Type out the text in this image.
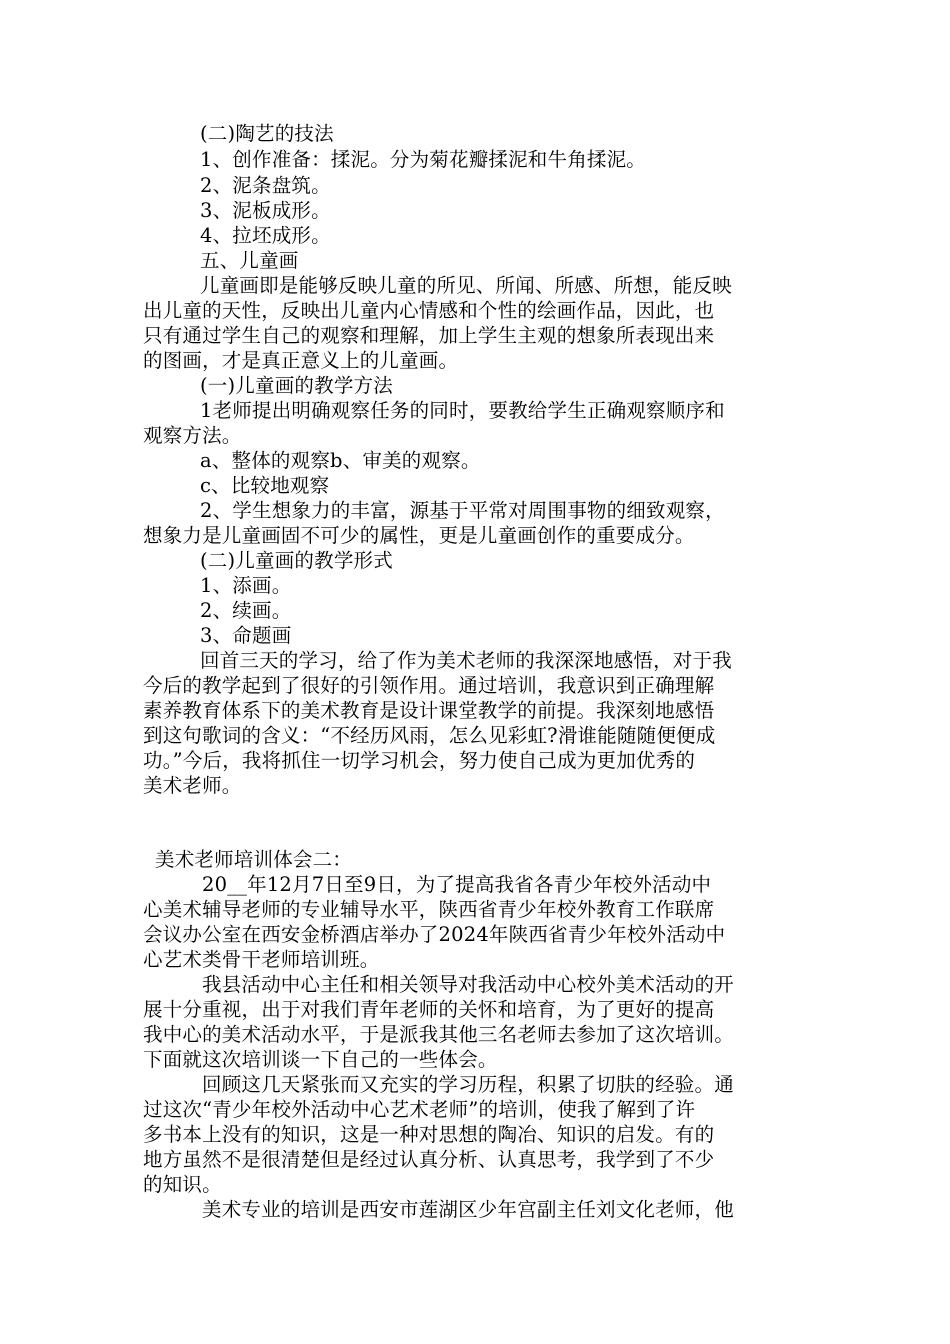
(二)陶艺的技法
1、创作准备：揉泥。分为菊花瓣揉泥和牛角揉泥。
2、泥条盘筑。
3、泥板成形。
4、拉坯成形。
五、儿童画
儿童画即是能够反映儿童的所见、所闻、所感、所想，能反映
出儿童的天性，反映出儿童内心情感和个性的绘画作品，因此，也
只有通过学生自己的观察和理解，加上学生主观的想象所表现出来
的图画，才是真正意义上的儿童画。
(一)儿童画的教学方法
1老师提出明确观察任务的同时，要教给学生正确观察顺序和
观察方法。
a、整体的观察b、审美的观察。
c、比较地观察
2、学生想象力的丰富，源基于平常对周围事物的细致观察，
想象力是儿童画固不可少的属性，更是儿童画创作的重要成分。
(二)儿童画的教学形式
1、添画。
2、续画。
3、命题画
回首三天的学习，给了作为美术老师的我深深地感悟，对于我
今后的教学起到了很好的引领作用。通过培训，我意识到正确理解
素养教育体系下的美术教育是设计课堂教学的前提。我深刻地感悟
到这句歌词的含义：“不经历风雨，怎么见彩虹?滑谁能随随便便成
功。”今后，我将抓住一切学习机会，努力使自己成为更加优秀的
美术老师。
美术老师培训体会二：
20__年12月7日至9日，为了提高我省各青少年校外活动中
心美术辅导老师的专业辅导水平，陕西省青少年校外教育工作联席
会议办公室在西安金桥酒店举办了2024年陕西省青少年校外活动中
心艺术类骨干老师培训班。
我县活动中心主任和相关领导对我活动中心校外美术活动的开
展十分重视，出于对我们青年老师的关怀和培育，为了更好的提高
我中心的美术活动水平，于是派我其他三名老师去参加了这次培训。
下面就这次培训谈一下自己的一些体会。
回顾这几天紧张而又充实的学习历程，积累了切肤的经验。通
过这次“青少年校外活动中心艺术老师”的培训，使我了解到了许
多书本上没有的知识，这是一种对思想的陶冶、知识的启发。有的
地方虽然不是很清楚但是经过认真分析、认真思考，我学到了不少
的知识。
美术专业的培训是西安市莲湖区少年宫副主任刘文化老师，他
